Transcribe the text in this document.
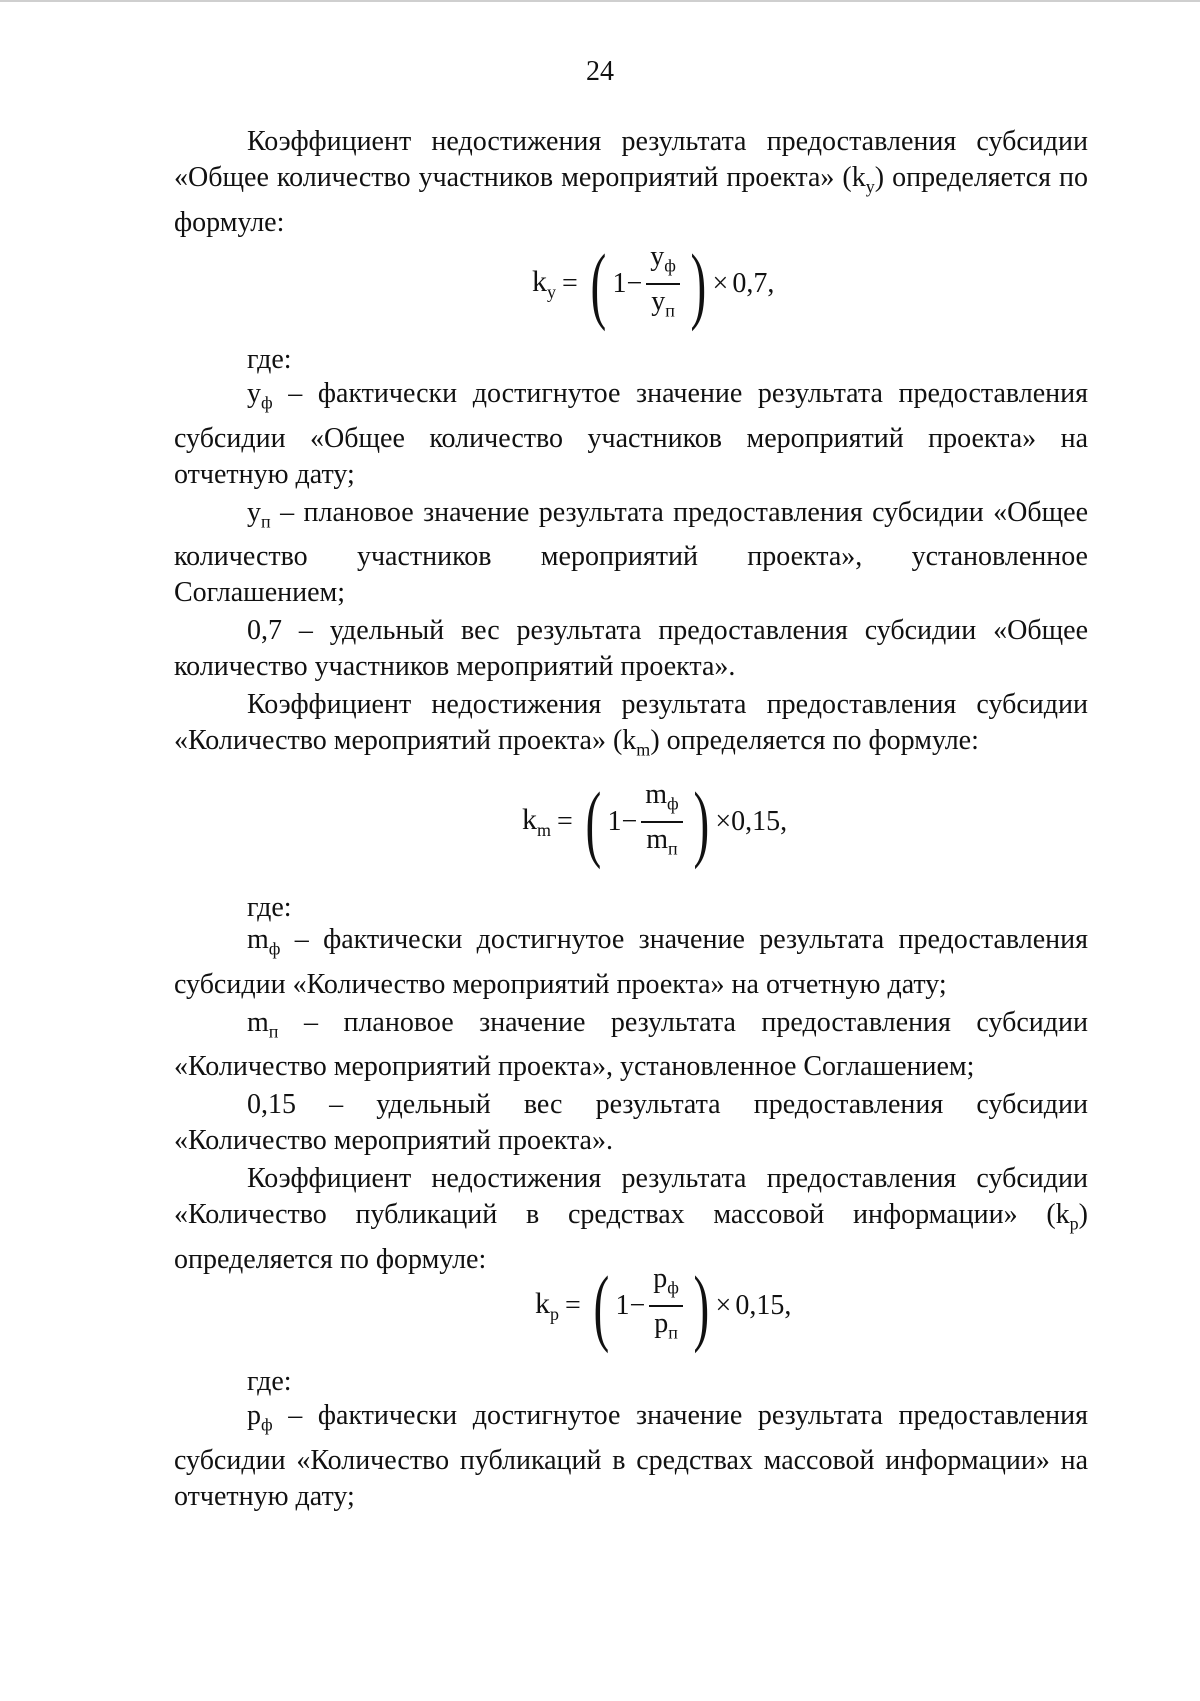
24

Коэффициент недостижения результата предоставления субсидии «Общее количество участников мероприятий проекта» $(k_у)$ определяется по формуле:

$k_у$ = ( $1 - \frac{у_ф}{у_п}$ ) × 0,7,
где:

$у_ф$ – фактически достигнутое значение результата предоставления субсидии «Общее количество участников мероприятий проекта» на отчетную дату;

$у_п$ – плановое значение результата предоставления субсидии «Общее количество участников мероприятий проекта», установленное Соглашением;

0,7 – удельный вес результата предоставления субсидии «Общее количество участников мероприятий проекта».

Коэффициент недостижения результата предоставления субсидии «Количество мероприятий проекта» $(k_m)$ определяется по формуле:

$k_m$ = ( $1 - \frac{m_ф}{m_п}$ ) × 0,15,
где:

$m_ф$ – фактически достигнутое значение результата предоставления субсидии «Количество мероприятий проекта» на отчетную дату;

$m_п$ – плановое значение результата предоставления субсидии «Количество мероприятий проекта», установленное Соглашением;

0,15 – удельный вес результата предоставления субсидии «Количество мероприятий проекта».

Коэффициент недостижения результата предоставления субсидии «Количество публикаций в средствах массовой информации» $(k_p)$ определяется по формуле:

$k_p$ = ( $1 - \frac{p_ф}{p_п}$ ) × 0,15,
где:

$p_ф$ – фактически достигнутое значение результата предоставления субсидии «Количество публикаций в средствах массовой информации» на отчетную дату;
